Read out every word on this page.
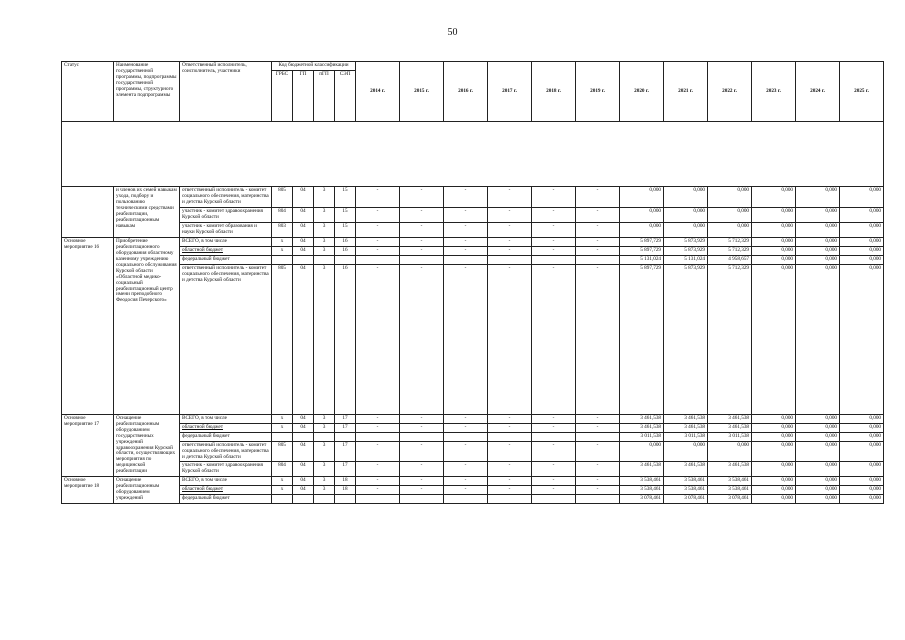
50
Статус	Наименование государственной программы, подпрограммы государственной программы, структурного элемента подпрограммы	Ответственный исполнитель, соисполнитель, участники	Код бюджетной классификации				2014 г.	2015 г.	2016 г.	2017 г.	2018 г.	2019 г.	2020 г.	2021 г.	2022 г.	2023 г.	2024 г.	2025 г.
			ГРБС	ГП	пГП	СЭП												

	и членов их семей навыкам ухода, подбору и пользованию техническими средствами реабилитации, реабилитационным навыкам	ответственный исполнитель - комитет социального обеспечения, материнства и детства Курской области	805	04	3	15	-	-	-	-	-	-	0,000	0,000	0,000	0,000	0,000	0,000
		участник - комитет здравоохранения Курской области	804	04	3	15	-	-	-	-	-	-	0,000	0,000	0,000	0,000	0,000	0,000
		участник - комитет образования и науки Курской области	803	04	3	15	-	-	-	-	-	-	0,000	0,000	0,000	0,000	0,000	0,000
Основное мероприятие 16	Приобретение реабилитационного оборудования областному казенному учреждению социального обслуживания Курской области «Областной медико-социальный реабилитационный центр имени преподобного Феодосия Печерского»	ВСЕГО, в том числе	х	04	3	16	-	-	-	-	-	-	5 897,729	5 873,929	5 712,329	0,000	0,000	0,000
		областной бюджет	х	04	3	16	-	-	-	-	-	-	5 897,729	5 873,929	5 712,329	0,000	0,000	0,000
		федеральный бюджет											5 131,024	5 131,024	4 958,657	0,000	0,000	0,000
		ответственный исполнитель - комитет социального обеспечения, материнства и детства Курской области	805	04	3	16	-	-	-	-	-	-	5 897,729	5 873,929	5 712,329	0,000	0,000	0,000
Основное мероприятие 17	Оснащение реабилитационным оборудованием государственных учреждений здравоохранения Курской области, осуществляющих мероприятия по медицинской реабилитации	ВСЕГО, в том числе	х	04	3	17	-	-	-	-	-	-	3 461,538	3 461,538	3 461,538	0,000	0,000	0,000
		областной бюджет	х	04	3	17	-	-	-	-	-	-	3 461,538	3 461,538	3 461,538	0,000	0,000	0,000
		федеральный бюджет											3 011,538	3 011,538	3 011,538	0,000	0,000	0,000
		ответственный исполнитель - комитет социального обеспечения, материнства и детства Курской области	805	04	3	17	-	-	-	-	-	-	0,000	0,000	0,000	0,000	0,000	0,000
		участник - комитет здравоохранения Курской области	804	04	3	17	-	-	-	-	-	-	3 461,538	3 461,538	3 461,538	0,000	0,000	0,000
Основное мероприятие 18	Оснащение реабилитационным оборудованием учреждений	ВСЕГО, в том числе	х	04	3	18	-	-	-	-	-	-	3 538,461	3 538,461	3 538,461	0,000	0,000	0,000
		областной бюджет	х	04	3	18	-	-	-	-	-	-	3 538,461	3 538,461	3 538,461	0,000	0,000	0,000
		федеральный бюджет											3 078,461	3 078,461	3 078,461	0,000	0,000	0,000
